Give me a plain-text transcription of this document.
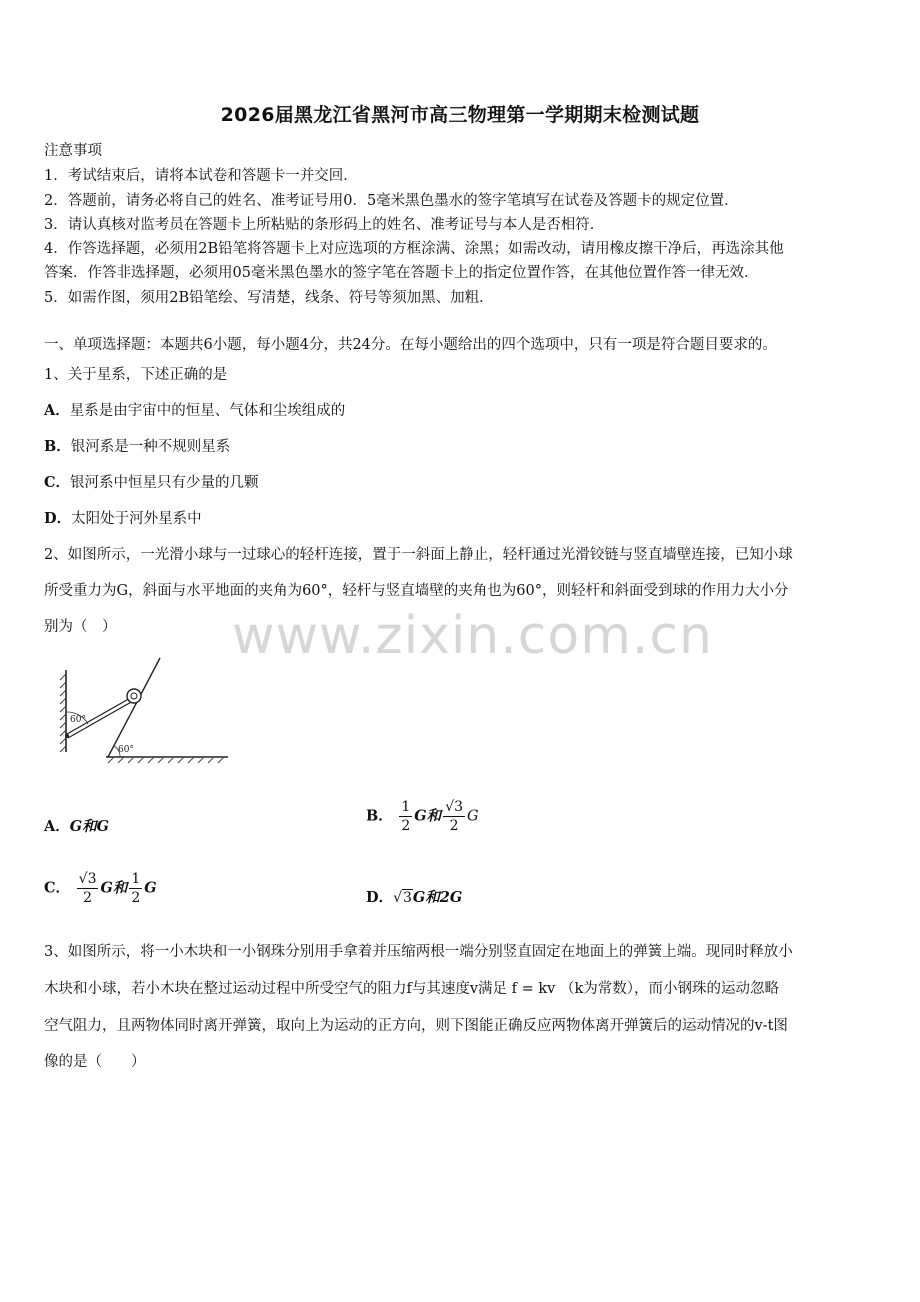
2026届黑龙江省黑河市高三物理第一学期期末检测试题
注意事项
1．考试结束后，请将本试卷和答题卡一并交回．
2．答题前，请务必将自己的姓名、准考证号用0．5毫米黑色墨水的签字笔填写在试卷及答题卡的规定位置．
3．请认真核对监考员在答题卡上所粘贴的条形码上的姓名、准考证号与本人是否相符．
4．作答选择题，必须用2B铅笔将答题卡上对应选项的方框涂满、涂黑；如需改动，请用橡皮擦干净后，再选涂其他
答案．作答非选择题，必须用05毫米黑色墨水的签字笔在答题卡上的指定位置作答，在其他位置作答一律无效．
5．如需作图，须用2B铅笔绘、写清楚，线条、符号等须加黑、加粗．
一、单项选择题：本题共6小题，每小题4分，共24分。在每小题给出的四个选项中，只有一项是符合题目要求的。
1、关于星系，下述正确的是
A．星系是由宇宙中的恒星、气体和尘埃组成的
B．银河系是一种不规则星系
C．银河系中恒星只有少量的几颗
D．太阳处于河外星系中
2、如图所示，一光滑小球与一过球心的轻杆连接，置于一斜面上静止，轻杆通过光滑铰链与竖直墙壁连接，已知小球
所受重力为G，斜面与水平地面的夹角为60°，轻杆与竖直墙壁的夹角也为60°，则轻杆和斜面受到球的作用力大小分
别为（　） www.zixin.com.cn
60°
60°
A．G和G
B． $\frac{1}{2}$ G和 $\frac{√3}{2}$ G
C． $\frac{√3}{2}$ G和 $\frac{1}{2}$ G
D．√3G和2G
3、如图所示，将一小木块和一小钢珠分别用手拿着并压缩两根一端分别竖直固定在地面上的弹簧上端。现同时释放小
木块和小球，若小木块在整过运动过程中所受空气的阻力f与其速度v满足 f = kv （k为常数），而小钢珠的运动忽略
空气阻力，且两物体同时离开弹簧，取向上为运动的正方向，则下图能正确反应两物体离开弹簧后的运动情况的v-t图
像的是（　　）
